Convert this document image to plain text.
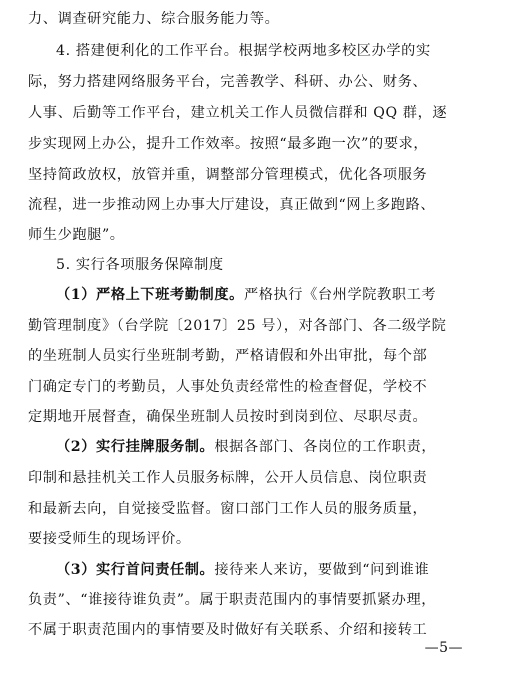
力、调查研究能力、综合服务能力等。
4. 搭建便利化的工作平台。根据学校两地多校区办学的实
际，努力搭建网络服务平台，完善教学、科研、办公、财务、
人事、后勤等工作平台，建立机关工作人员微信群和 QQ 群，逐
步实现网上办公，提升工作效率。按照“最多跑一次”的要求，
坚持简政放权，放管并重，调整部分管理模式，优化各项服务
流程，进一步推动网上办事大厅建设，真正做到“网上多跑路、
师生少跑腿”。
5. 实行各项服务保障制度
（1）严格上下班考勤制度。严格执行《台州学院教职工考
勤管理制度》（台学院〔2017〕25 号），对各部门、各二级学院
的坐班制人员实行坐班制考勤，严格请假和外出审批，每个部
门确定专门的考勤员，人事处负责经常性的检查督促，学校不
定期地开展督查，确保坐班制人员按时到岗到位、尽职尽责。
（2）实行挂牌服务制。根据各部门、各岗位的工作职责，
印制和悬挂机关工作人员服务标牌，公开人员信息、岗位职责
和最新去向，自觉接受监督。窗口部门工作人员的服务质量，
要接受师生的现场评价。
（3）实行首问责任制。接待来人来访，要做到“问到谁谁
负责”、“谁接待谁负责”。属于职责范围内的事情要抓紧办理，
不属于职责范围内的事情要及时做好有关联系、介绍和接转工
—5—
